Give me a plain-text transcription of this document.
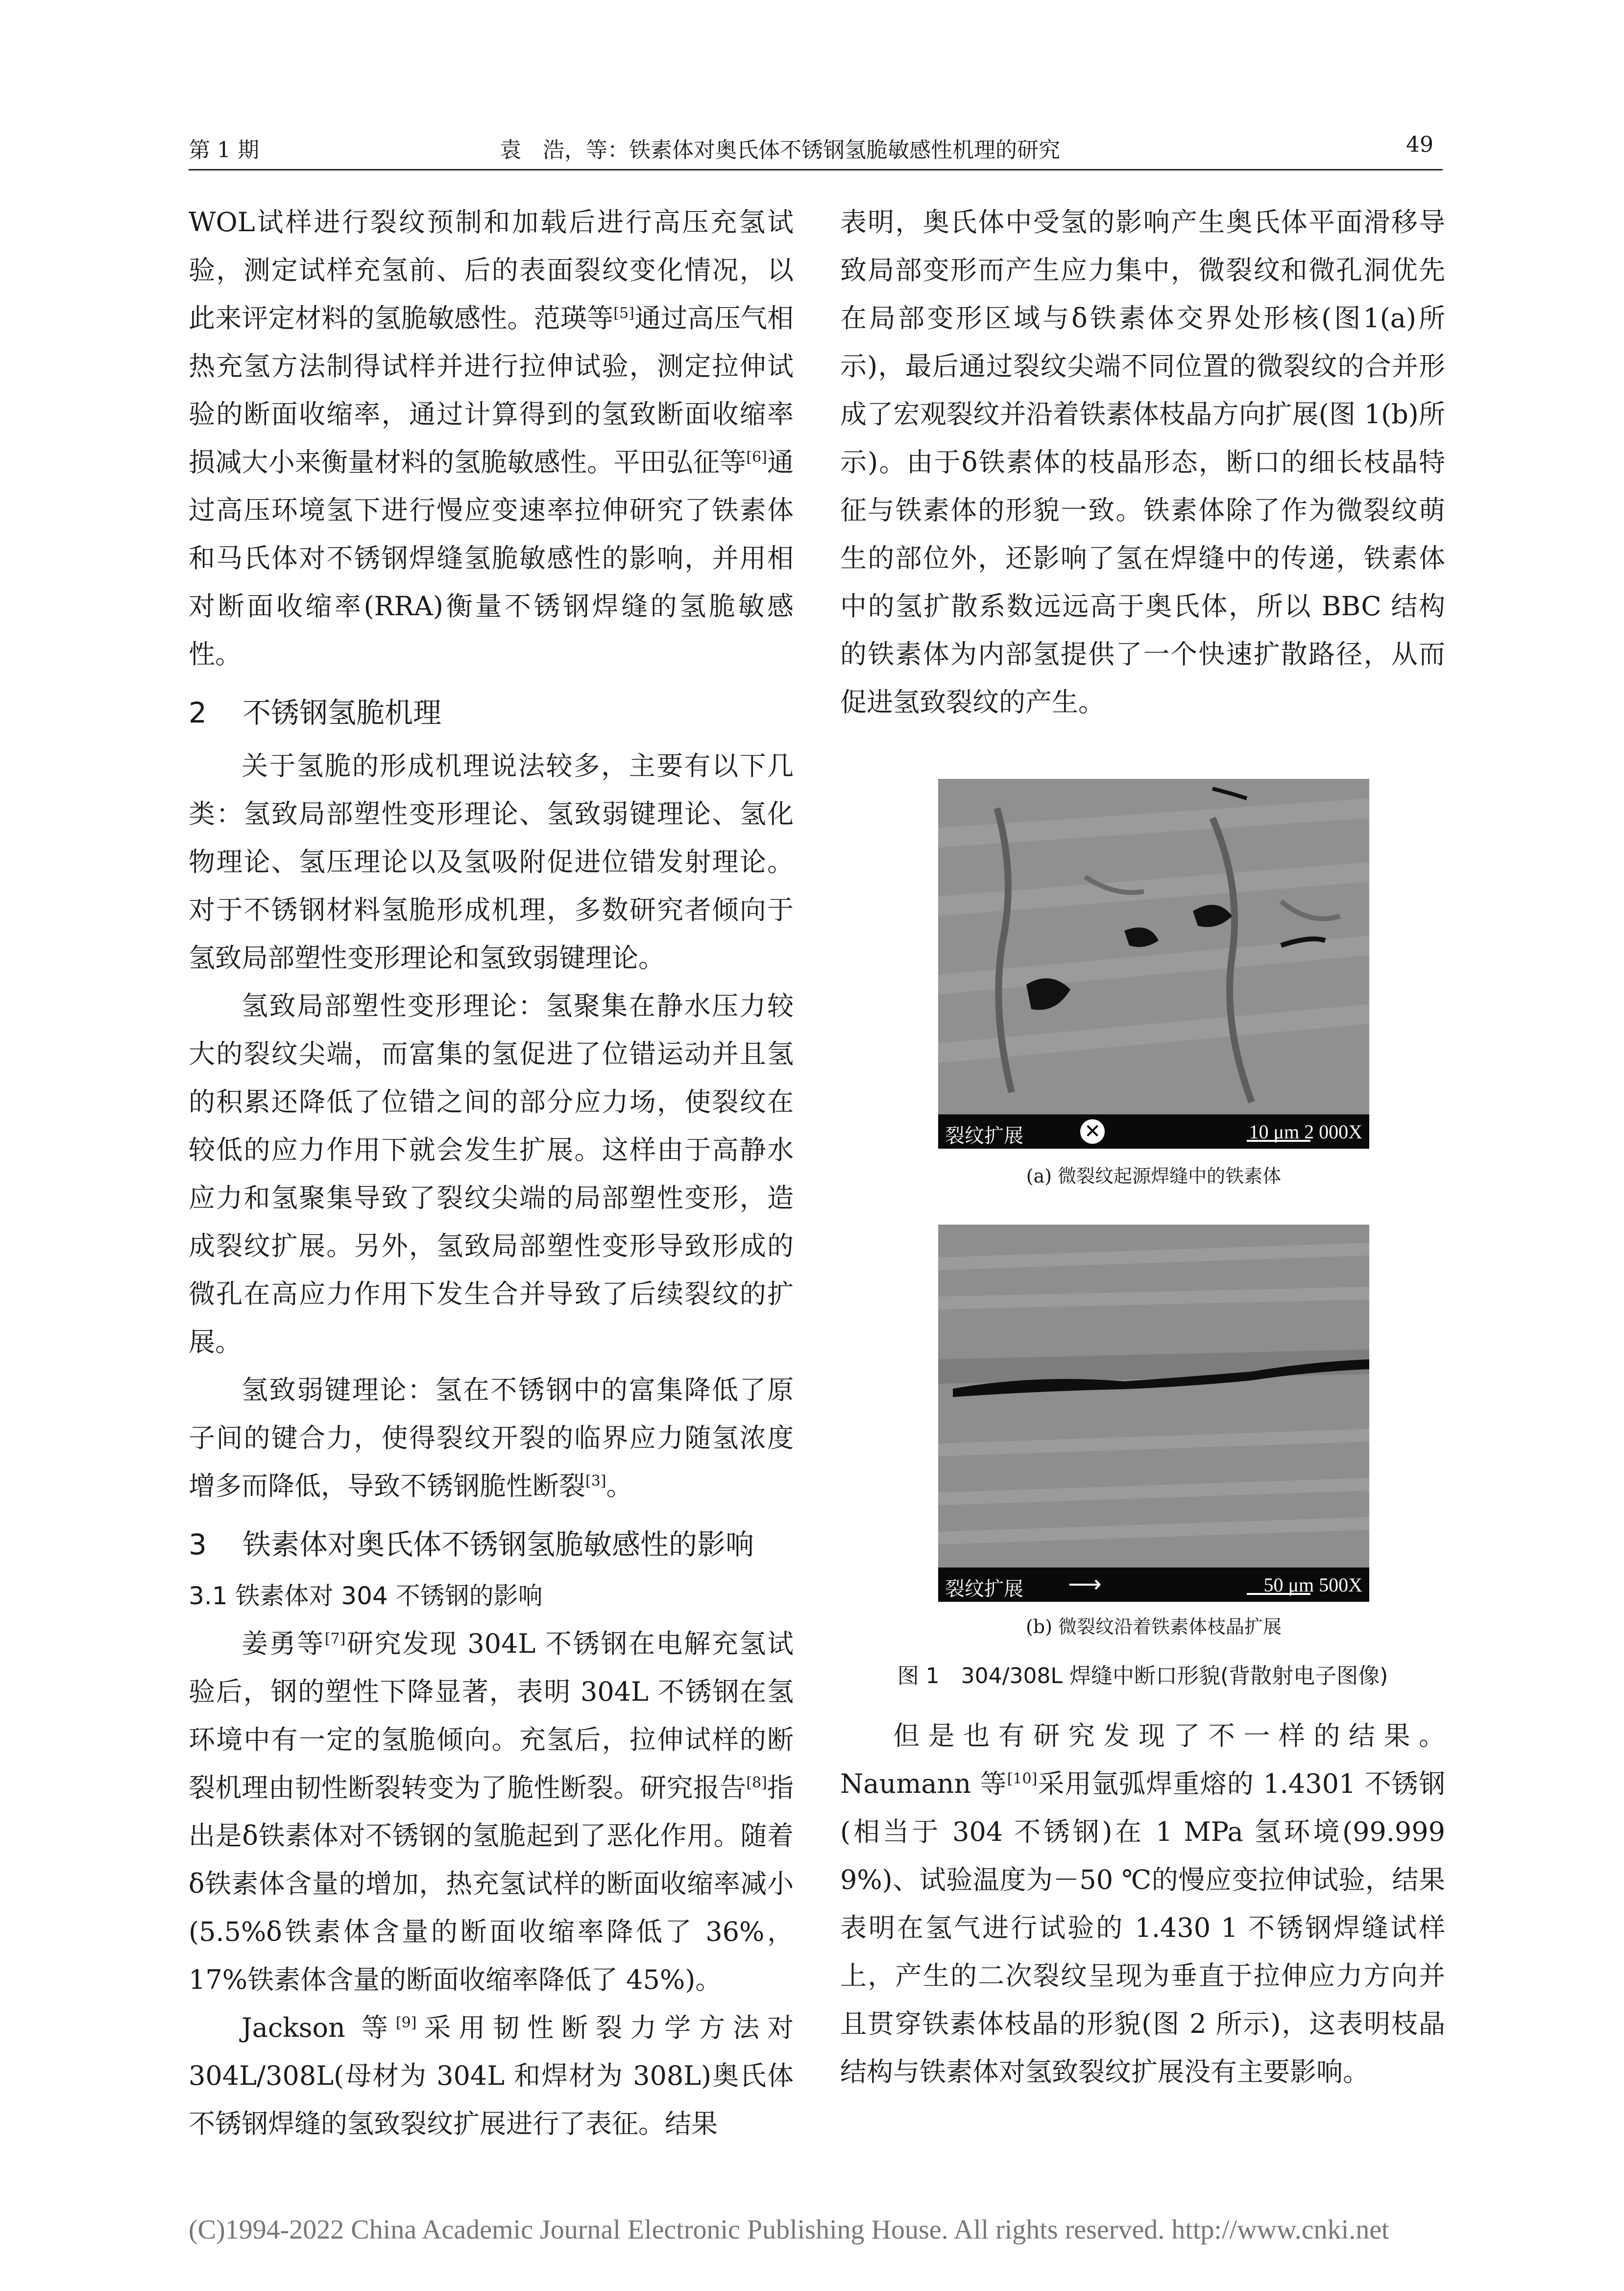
第 1 期	袁　浩，等：铁素体对奥氏体不锈钢氢脆敏感性机理的研究	49

WOL试样进行裂纹预制和加载后进行高压充氢试验，测定试样充氢前、后的表面裂纹变化情况，以此来评定材料的氢脆敏感性。范瑛等[5]通过高压气相热充氢方法制得试样并进行拉伸试验，测定拉伸试验的断面收缩率，通过计算得到的氢致断面收缩率损减大小来衡量材料的氢脆敏感性。平田弘征等[6]通过高压环境氢下进行慢应变速率拉伸研究了铁素体和马氏体对不锈钢焊缝氢脆敏感性的影响，并用相对断面收缩率(RRA)衡量不锈钢焊缝的氢脆敏感性。

2 不锈钢氢脆机理

关于氢脆的形成机理说法较多，主要有以下几类：氢致局部塑性变形理论、氢致弱键理论、氢化物理论、氢压理论以及氢吸附促进位错发射理论。对于不锈钢材料氢脆形成机理，多数研究者倾向于氢致局部塑性变形理论和氢致弱键理论。

氢致局部塑性变形理论：氢聚集在静水压力较大的裂纹尖端，而富集的氢促进了位错运动并且氢的积累还降低了位错之间的部分应力场，使裂纹在较低的应力作用下就会发生扩展。这样由于高静水应力和氢聚集导致了裂纹尖端的局部塑性变形，造成裂纹扩展。另外，氢致局部塑性变形导致形成的微孔在高应力作用下发生合并导致了后续裂纹的扩展。

氢致弱键理论：氢在不锈钢中的富集降低了原子间的键合力，使得裂纹开裂的临界应力随氢浓度增多而降低，导致不锈钢脆性断裂[3]。

3	铁素体对奥氏体不锈钢氢脆敏感性的影响
3.1 铁素体对 304 不锈钢的影响

姜勇等[7]研究发现 304L 不锈钢在电解充氢试验后，钢的塑性下降显著，表明 304L 不锈钢在氢环境中有一定的氢脆倾向。充氢后，拉伸试样的断裂机理由韧性断裂转变为了脆性断裂。研究报告[8]指出是δ铁素体对不锈钢的氢脆起到了恶化作用。随着δ铁素体含量的增加，热充氢试样的断面收缩率减小(5.5%δ铁素体含量的断面收缩率降低了 36%，17%铁素体含量的断面收缩率降低了 45%)。

Jackson 等[9]采用韧性断裂力学方法对304L/308L(母材为 304L 和焊材为 308L)奥氏体不锈钢焊缝的氢致裂纹扩展进行了表征。结果

表明，奥氏体中受氢的影响产生奥氏体平面滑移导致局部变形而产生应力集中，微裂纹和微孔洞优先在局部变形区域与δ铁素体交界处形核(图1(a)所示)，最后通过裂纹尖端不同位置的微裂纹的合并形成了宏观裂纹并沿着铁素体枝晶方向扩展(图 1(b)所示)。由于δ铁素体的枝晶形态，断口的细长枝晶特征与铁素体的形貌一致。铁素体除了作为微裂纹萌生的部位外，还影响了氢在焊缝中的传递，铁素体中的氢扩散系数远远高于奥氏体，所以 BBC 结构的铁素体为内部氢提供了一个快速扩散路径，从而促进氢致裂纹的产生。

裂纹扩展	✕	10 μm 2 000X
(a) 微裂纹起源焊缝中的铁素体
裂纹扩展 ⟶	50 μm 500X
(b) 微裂纹沿着铁素体枝晶扩展
图 1　304/308L 焊缝中断口形貌(背散射电子图像)

但是也有研究发现了不一样的结果。Naumann 等[10]采用氩弧焊重熔的 1.4301 不锈钢(相当于 304 不锈钢)在 1 MPa 氢环境(99.999 9%)、试验温度为－50 ℃的慢应变拉伸试验，结果表明在氢气进行试验的 1.430 1 不锈钢焊缝试样上，产生的二次裂纹呈现为垂直于拉伸应力方向并且贯穿铁素体枝晶的形貌(图 2 所示)，这表明枝晶结构与铁素体对氢致裂纹扩展没有主要影响。

(C)1994-2022 China Academic Journal Electronic Publishing House. All rights reserved. http://www.cnki.net
